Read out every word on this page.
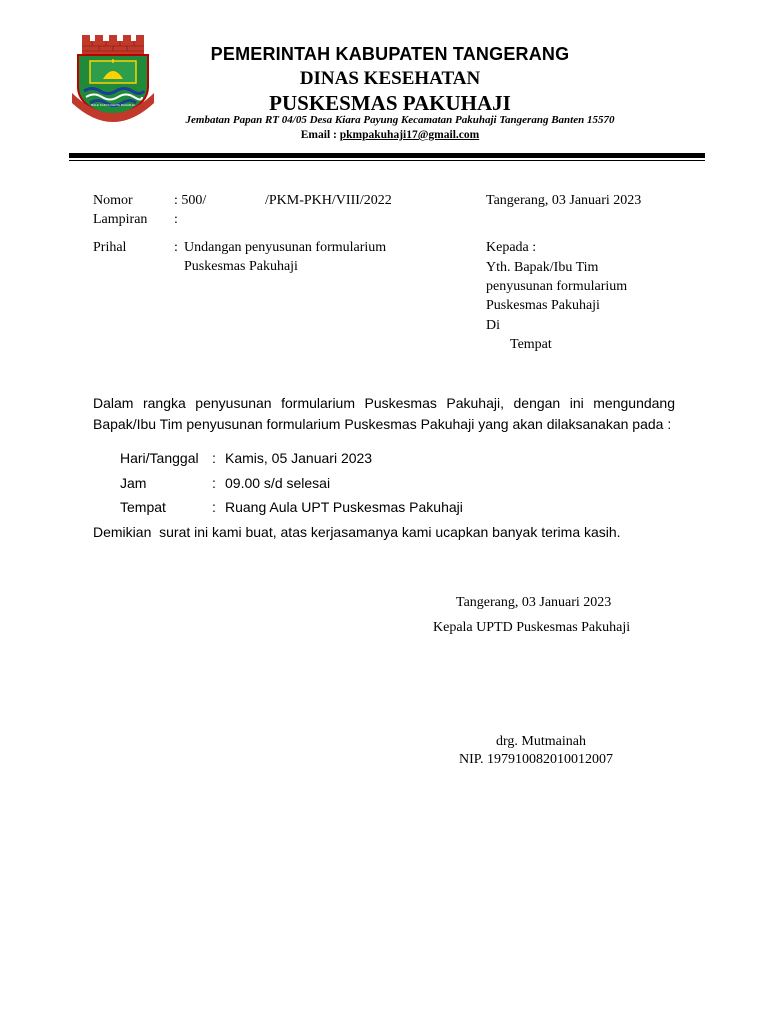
BALE KARYA KERTA RAHARJA
PEMERINTAH KABUPATEN TANGERANG
DINAS KESEHATAN
PUSKESMAS PAKUHAJI
Jembatan Papan RT 04/05 Desa Kiara Payung Kecamatan Pakuhaji Tangerang Banten 15570
Email : pkmpakuhaji17@gmail.com
Nomor	: 500/	/PKM-PKH/VIII/2022	Tangerang, 03 Januari 2023
Lampiran :
Prihal	: Undangan penyusunan formularium
Puskesmas Pakuhaji
Kepada :
Yth. Bapak/Ibu Tim
penyusunan formularium
Puskesmas Pakuhaji
Di
Tempat
Dalam rangka penyusunan formularium Puskesmas Pakuhaji, dengan ini mengundang Bapak/Ibu Tim penyusunan formularium Puskesmas Pakuhaji yang akan dilaksanakan pada :
Hari/Tanggal : Kamis, 05 Januari 2023
Jam	: 09.00 s/d selesai
Tempat	: Ruang Aula UPT Puskesmas Pakuhaji
Demikian  surat ini kami buat, atas kerjasamanya kami ucapkan banyak terima kasih.
Tangerang, 03 Januari 2023
Kepala UPTD Puskesmas Pakuhaji
drg. Mutmainah
NIP. 197910082010012007
